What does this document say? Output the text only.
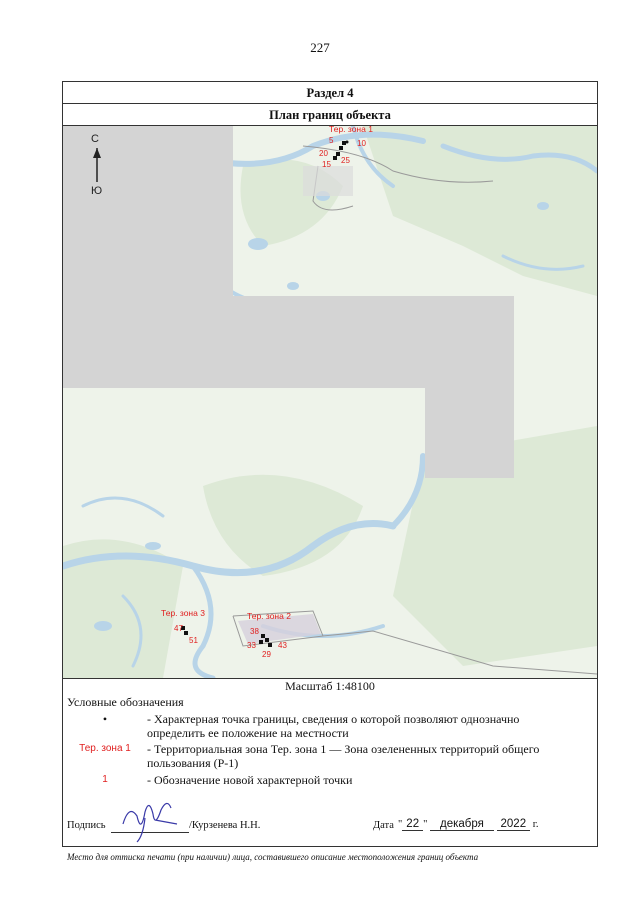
227
Раздел 4
План границ объекта
С
Ю
Тер. зона 1
5	10
20
15 25
Тер. зона 3
47
51
Тер. зона 2
38
33	43
29
Масштаб 1:48100
Условные обозначения
•	- Характерная точка границы, сведения о которой позволяют однозначно определить ее положение на местности
Тер. зона 1	- Территориальная зона Тер. зона 1 — Зона озелененных территорий общего пользования (Р-1)
1	- Обозначение новой характерной точки
Подпись	/Курзенева Н.Н.	Дата " 22 " декабря 2022 г.
Место для оттиска печати (при наличии) лица, составившего описание местоположения границ объекта
